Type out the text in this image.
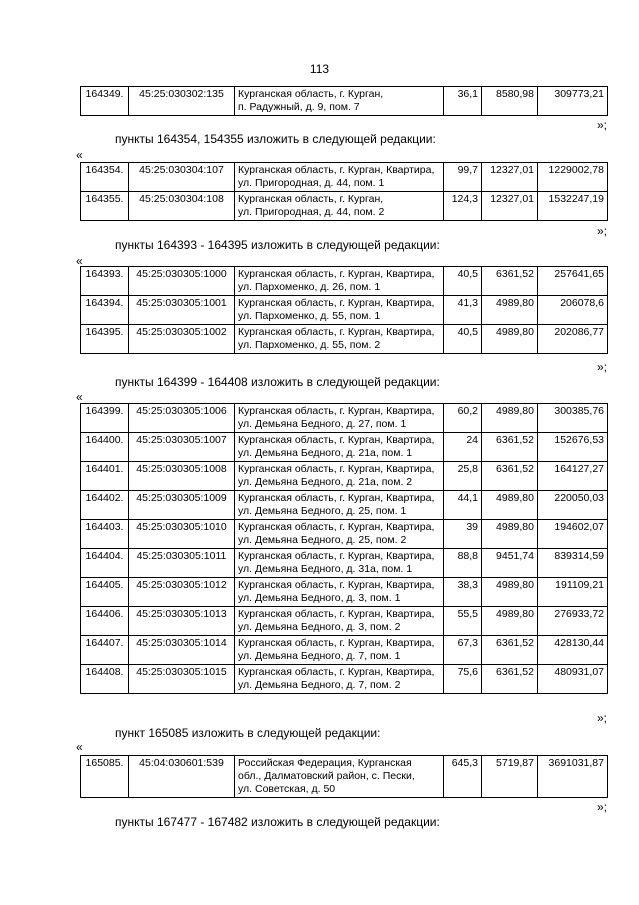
113
164349.	45:25:030302:135	Курганская область, г. Курган,
п. Радужный, д. 9, пом. 7
	36,1	8580,98	309773,21
»;
пункты 164354, 154355 изложить в следующей редакции:
«
164354.	45:25:030304:107	Курганская область, г. Курган, Квартира,
ул. Пригородная, д. 44, пом. 1	99,7	12327,01	1229002,78
164355.	45:25:030304:108	Курганская область, г. Курган,
ул. Пригородная, д. 44, пом. 2	124,3	12327,01	1532247,19
»;
пункты 164393 - 164395 изложить в следующей редакции:
«
164393.	45:25:030305:1000	Курганская область, г. Курган, Квартира,
ул. Пархоменко, д. 26, пом. 1	40,5	6361,52	257641,65
164394.	45:25:030305:1001	Курганская область, г. Курган, Квартира,
ул. Пархоменко, д. 55, пом. 1	41,3	4989,80	206078,6
164395.	45:25:030305:1002	Курганская область, г. Курган, Квартира,
ул. Пархоменко, д. 55, пом. 2	40,5	4989,80	202086,77
»;
пункты 164399 - 164408 изложить в следующей редакции:
«
164399.	45:25:030305:1006	Курганская область, г. Курган, Квартира,
ул. Демьяна Бедного, д. 27, пом. 1	60,2	4989,80	300385,76
164400.	45:25:030305:1007	Курганская область, г. Курган, Квартира,
ул. Демьяна Бедного, д. 21а, пом. 1	24	6361,52	152676,53
164401.	45:25:030305:1008	Курганская область, г. Курган, Квартира,
ул. Демьяна Бедного, д. 21а, пом. 2	25,8	6361,52	164127,27
164402.	45:25:030305:1009	Курганская область, г. Курган, Квартира,
ул. Демьяна Бедного, д. 25, пом. 1	44,1	4989,80	220050,03
164403.	45:25:030305:1010	Курганская область, г. Курган, Квартира,
ул. Демьяна Бедного, д. 25, пом. 2	39	4989,80	194602,07
164404.	45:25:030305:1011	Курганская область, г. Курган, Квартира,
ул. Демьяна Бедного, д. 31а, пом. 1	88,8	9451,74	839314,59
164405.	45:25:030305:1012	Курганская область, г. Курган, Квартира,
ул. Демьяна Бедного, д. 3, пом. 1	38,3	4989,80	191109,21
164406.	45:25:030305:1013	Курганская область, г. Курган, Квартира,
ул. Демьяна Бедного, д. 3, пом. 2	55,5	4989,80	276933,72
164407.	45:25:030305:1014	Курганская область, г. Курган, Квартира,
ул. Демьяна Бедного, д. 7, пом. 1	67,3	6361,52	428130,44
164408.	45:25:030305:1015	Курганская область, г. Курган, Квартира,
ул. Демьяна Бедного, д. 7, пом. 2	75,6	6361,52	480931,07
»;
пункт 165085 изложить в следующей редакции:
«
165085.	45:04:030601:539	Российская Федерация, Курганская
обл., Далматовский район, с. Пески,
ул. Советская, д. 50
	645,3	5719,87	3691031,87
»;
пункты 167477 - 167482 изложить в следующей редакции:
